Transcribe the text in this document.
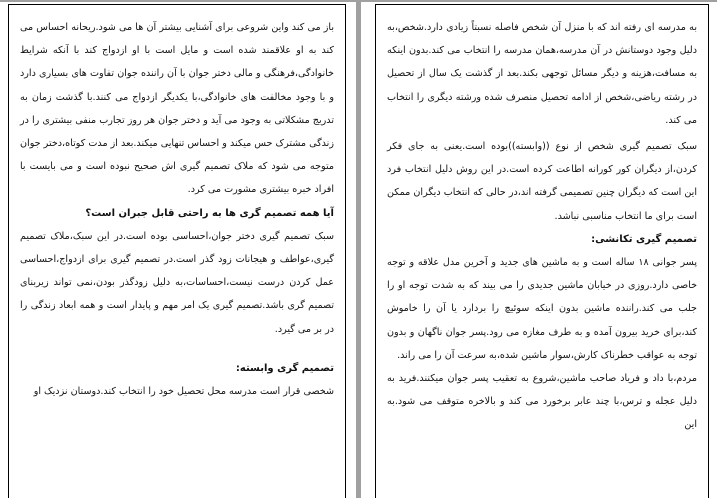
باز می کند واین شروعی برای آشنایی بیشتر آن ها می شود.ریحانه احساس می کند به او علاقمند شده است و مایل است با او ازدواج کند با آنکه شرایط خانوادگی،فرهنگی و مالی دختر جوان با آن راننده جوان تفاوت های بسیاری دارد و با وجود مخالفت های خانوادگی،با یکدیگر ازدواج می کنند.با گذشت زمان به تدریج مشکلاتی به وجود می آید و دختر جوان هر روز تجارب منفی بیشتری را در زندگی مشترک حس میکند و احساس تنهایی میکند.بعد از مدت کوتاه،دختر جوان متوجه می شود که ملاک تصمیم گیری اش صحیح نبوده است و می بایست با افراد خبره بیشتری مشورت می کرد.

آیا همه تصمیم گری ها به راحتی قابل جبران است؟

سبک تصمیم گیری دختر جوان،احساسی بوده است.در این سبک،ملاک تصمیم گیری،عواطف و هیجانات زود گذر است.در تصمیم گیری برای ازدواج،احساسی عمل کردن درست نیست،احساسات،به دلیل زودگذر بودن،نمی تواند زیربنای تصمیم گری باشد.تصمیم گیری یک امر مهم و پایدار است و همه ابعاد زندگی را در بر می گیرد.

تصمیم گری وابسته:

شخصی قرار است مدرسه محل تحصیل خود را انتخاب کند.دوستان نزدیک او

به مدرسه ای رفته اند که با منزل آن شخص فاصله نسبتاً زیادی دارد.شخص،به دلیل وجود دوستانش در آن مدرسه،همان مدرسه را انتخاب می کند.بدون اینکه به مسافت،هزینه و دیگر مسائل توجهی بکند.بعد از گذشت یک سال از تحصیل در رشته ریاضی،شخص از ادامه تحصیل منصرف شده ورشته دیگری را انتخاب می کند.

سبک تصمیم گیری شخص از نوع ((وابسته))بوده است.یعنی به جای فکر کردن،از دیگران کور کورانه اطاعت کرده است.در این روش دلیل انتخاب فرد این است که دیگران چنین تصمیمی گرفته اند،در حالی که انتخاب دیگران ممکن است برای ما انتخاب مناسبی نباشد.

تصمیم گیری تکانشی:

پسر جوانی ۱۸ ساله است و به ماشین های جدید و آخرین مدل علاقه و توجه خاصی دارد.روزی در خیابان ماشین جدیدی را می بیند که به شدت توجه او را جلب می کند.راننده ماشین بدون اینکه سوئیچ را بردارد یا آن را خاموش کند،برای خرید بیرون آمده و به طرف مغازه می رود.پسر جوان ناگهان و بدون توجه به عواقب خطرناک کارش،سوار ماشین شده،به سرعت آن را می راند.

مردم،با داد و فریاد صاحب ماشین،شروع به تعقیب پسر جوان میکنند.فرید به دلیل عجله و ترس،با چند عابر برخورد می کند و بالاخره متوقف می شود.به این
